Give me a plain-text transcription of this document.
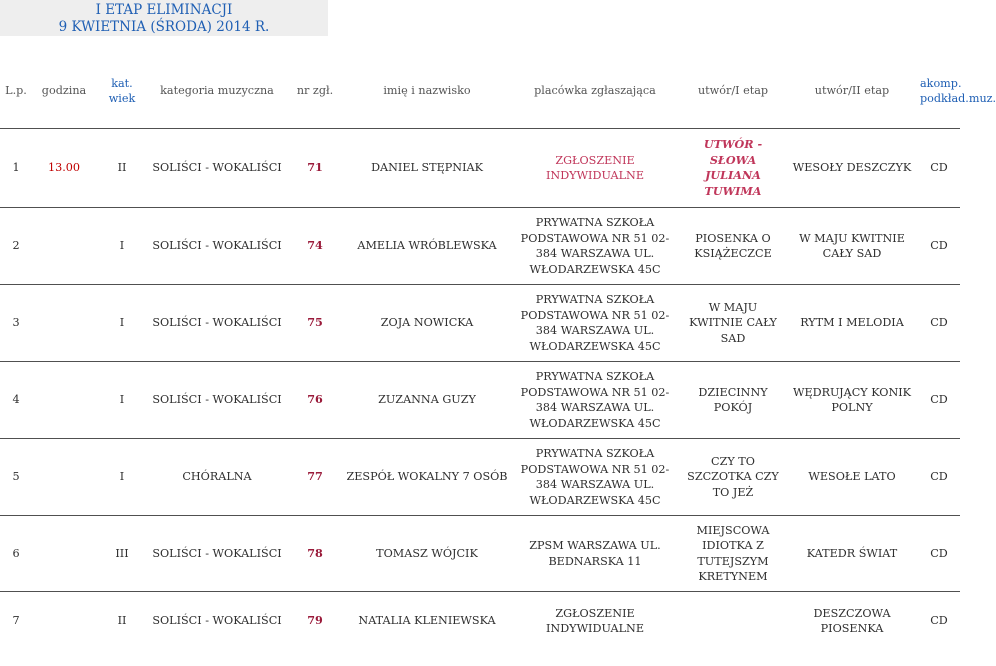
I ETAP ELIMINACJI
9 KWIETNIA (ŚRODA) 2014 R.
L.p.	godzina	kat. wiek	kategoria muzyczna	nr zgł.	imię i nazwisko	placówka zgłaszająca	utwór/I etap	utwór/II etap	akomp. podkład.muz.
1	13.00	II	SOLIŚCI - WOKALIŚCI	71	DANIEL STĘPNIAK	ZGŁOSZENIE INDYWIDUALNE	UTWÓR -SŁOWA JULIANA TUWIMA	WESOŁY DESZCZYK	CD
2		I	SOLIŚCI - WOKALIŚCI	74	AMELIA WRÓBLEWSKA	PRYWATNA SZKOŁA PODSTAWOWA NR 51 02-384 WARSZAWA UL. WŁODARZEWSKA 45C	PIOSENKA O KSIĄŻECZCE	W MAJU KWITNIE CAŁY SAD	CD
3		I	SOLIŚCI - WOKALIŚCI	75	ZOJA NOWICKA	PRYWATNA SZKOŁA PODSTAWOWA NR 51 02-384 WARSZAWA UL. WŁODARZEWSKA 45C	W MAJU KWITNIE CAŁY SAD	RYTM I MELODIA	CD
4		I	SOLIŚCI - WOKALIŚCI	76	ZUZANNA GUZY	PRYWATNA SZKOŁA PODSTAWOWA NR 51 02-384 WARSZAWA UL. WŁODARZEWSKA 45C	DZIECINNY POKÓJ	WĘDRUJĄCY KONIK POLNY	CD
5		I	CHÓRALNA	77	ZESPÓŁ WOKALNY 7 OSÓB	PRYWATNA SZKOŁA PODSTAWOWA NR 51 02-384 WARSZAWA UL. WŁODARZEWSKA 45C	CZY TO SZCZOTKA CZY TO JEŻ	WESOŁE LATO	CD
6		III	SOLIŚCI - WOKALIŚCI	78	TOMASZ WÓJCIK	ZPSM WARSZAWA UL. BEDNARSKA 11	MIEJSCOWA IDIOTKA Z TUTEJSZYM KRETYNEM	KATEDR ŚWIAT	CD
7		II	SOLIŚCI - WOKALIŚCI	79	NATALIA KLENIEWSKA	ZGŁOSZENIE INDYWIDUALNE		DESZCZOWA PIOSENKA	CD
